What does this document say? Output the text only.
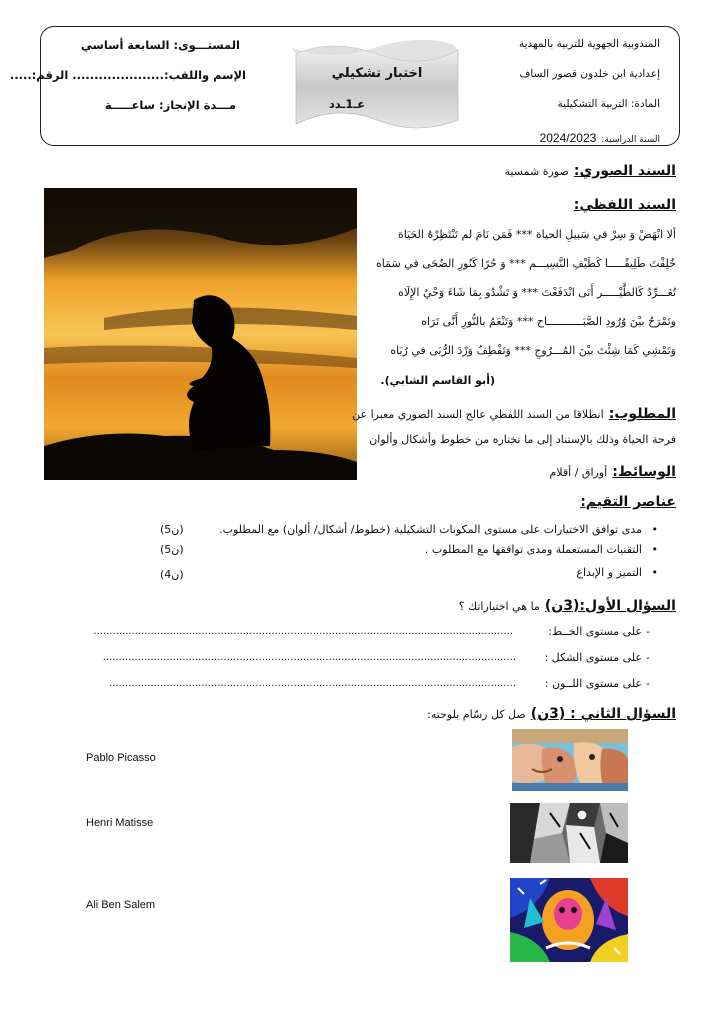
المندوبية الجهوية للتربية بالمهدية
إعدادية ابن خلدون قصور الساف
المادة: التربية التشكيلية
السنة الدراسية: 2024/2023
اختبار تشكيلي
عـ1ـدد
المستـــوى: السابعة أساسي
الإسم واللقب:..................... الرقم:.....
مـــدة الإنجاز: ساعـــــة
السند الصوري: صورة شمسية
السند اللفظي:
ألا انْهَضْ وَ سِرْ في سَبيلِ الحياة *** فَمَن نَامَ لم تَنْتَظِرْهُ الحَيَاة
خُلِقْتَ طَلِيقًـــــا كَطَيْفِ النَّسِيـــم *** وَ حُرًا كَنُورِ الضُحَى في سَمَاه
تُغَـــرِّدُ كَالطَّيْـــــر أَنَى انْدَفَعْتَ *** وَ تَشْدُو بِمَا شَاءَ وَحْيُ الإِلَاه
وتَمْرَحُ بيْنَ وُرُودِ الصَّبَـــــــــــاح *** وَتَنْعَمُ بالنُّورِ أَنَّى تَرَاه
وَتَمْشِي كَمَا شِئْتَ بيْنَ المُـــرُوجِ *** وَتَقْطِفُ وَرْدَ الرُّبَى في رُبَاه
(أبو القاسم الشابي).
المطلوب: انطلاقا من السند اللفظي عالج السند الصوري معبرا عن
فرحة الحياة وذلك بالإستناد إلى ما تختاره من خطوط وأشكال وألوان
الوسائط: أوراق / أقلام
عناصر التقيم:
• مدى توافق الاختيارات على مستوى المكونات التشكيلية (خطوط/ أشكال/ ألوان) مع المطلوب.
(5ن)
• التقنيات المستعملة ومدى توافقها مع المطلوب .
(5ن)
• التميز و الإبداع
(4ن)
السؤال الأول:(3ن) ما هي اختياراتك ؟
على مستوى الخــط: -
....................................................................................................................................
على مستوى الشكل : -
..................................................................................................................................
على مستوى اللــون : -
................................................................................................................................
السؤال الثاني : (3ن) صل كل رسّام بلوحته:
Pablo Picasso
Henri Matisse
Ali Ben Salem
